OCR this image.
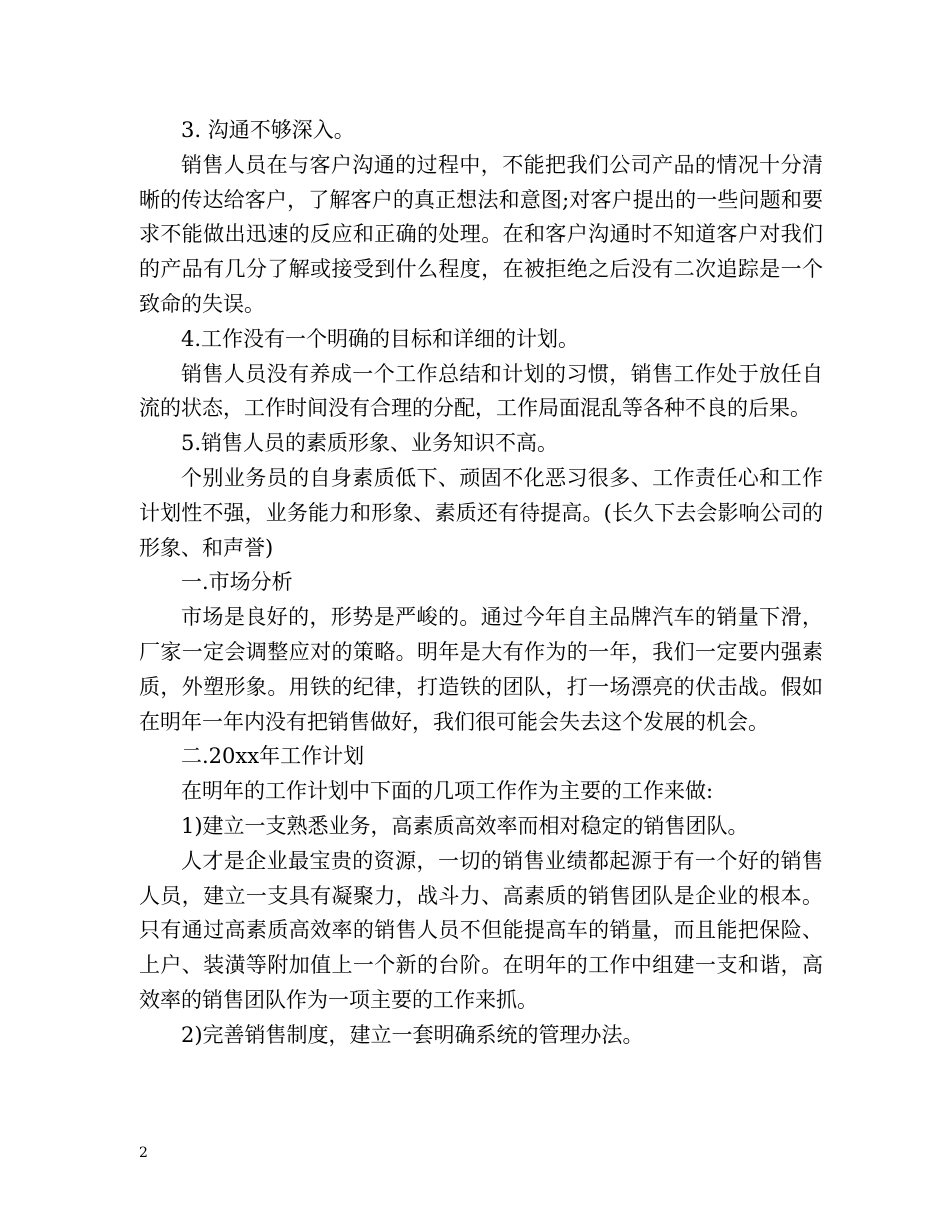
3. 沟通不够深入。

销售人员在与客户沟通的过程中，不能把我们公司产品的情况十分清晰的传达给客户，了解客户的真正想法和意图;对客户提出的一些问题和要求不能做出迅速的反应和正确的处理。在和客户沟通时不知道客户对我们的产品有几分了解或接受到什么程度，在被拒绝之后没有二次追踪是一个致命的失误。

4.工作没有一个明确的目标和详细的计划。

销售人员没有养成一个工作总结和计划的习惯，销售工作处于放任自流的状态，工作时间没有合理的分配，工作局面混乱等各种不良的后果。

5.销售人员的素质形象、业务知识不高。

个别业务员的自身素质低下、顽固不化恶习很多、工作责任心和工作计划性不强，业务能力和形象、素质还有待提高。(长久下去会影响公司的形象、和声誉)

一.市场分析

市场是良好的，形势是严峻的。通过今年自主品牌汽车的销量下滑，厂家一定会调整应对的策略。明年是大有作为的一年，我们一定要内强素质，外塑形象。用铁的纪律，打造铁的团队，打一场漂亮的伏击战。假如在明年一年内没有把销售做好，我们很可能会失去这个发展的机会。

二.20xx年工作计划

在明年的工作计划中下面的几项工作作为主要的工作来做:

1)建立一支熟悉业务，高素质高效率而相对稳定的销售团队。

人才是企业最宝贵的资源，一切的销售业绩都起源于有一个好的销售人员，建立一支具有凝聚力，战斗力、高素质的销售团队是企业的根本。只有通过高素质高效率的销售人员不但能提高车的销量，而且能把保险、上户、装潢等附加值上一个新的台阶。在明年的工作中组建一支和谐，高效率的销售团队作为一项主要的工作来抓。

2)完善销售制度，建立一套明确系统的管理办法。

2
